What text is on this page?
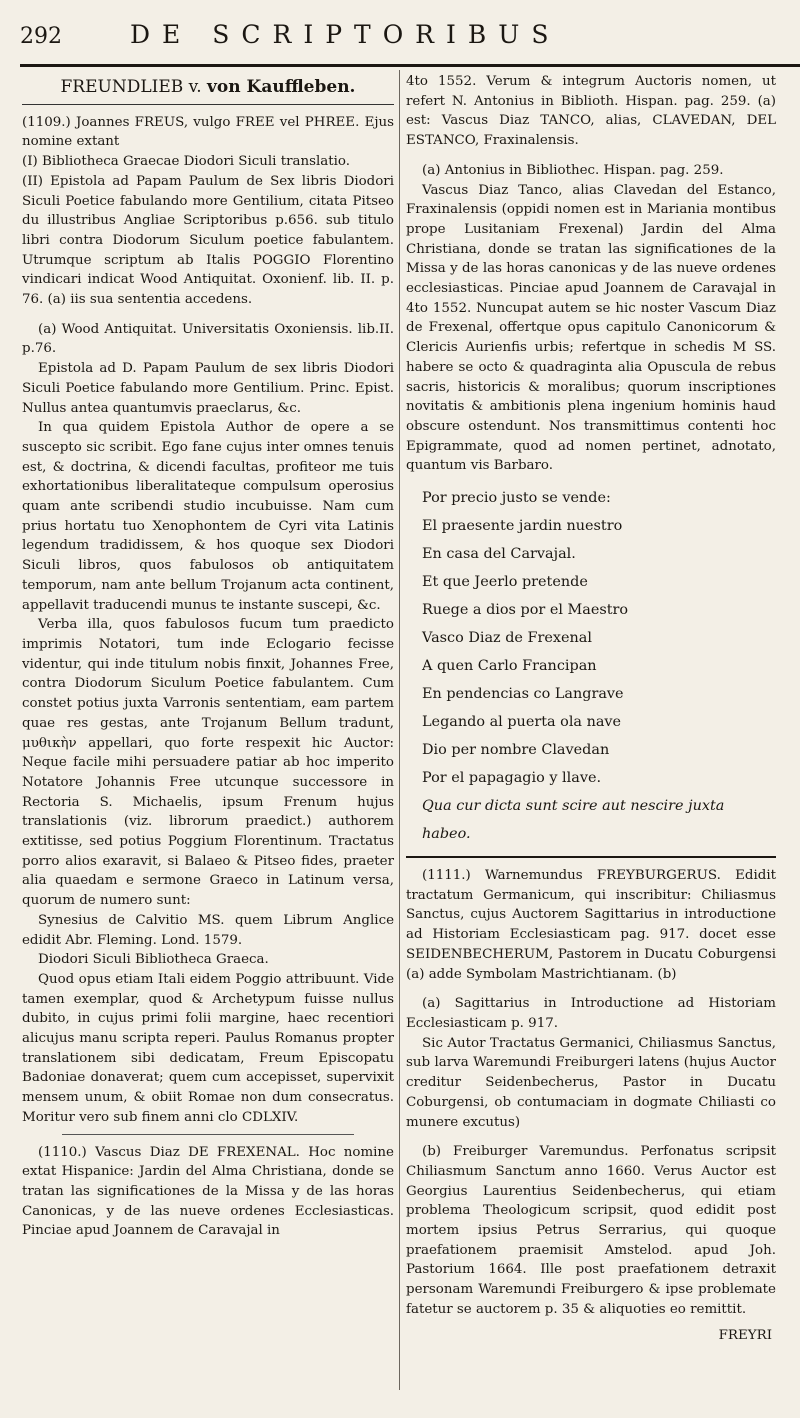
292	DE SCRIPTORIBUS
FREUNDLIEB v. von Kauffleben.

(1109.) Joannes FREUS, vulgo FREE vel PHREE. Ejus nomine extant

(I) Bibliotheca Graecae Diodori Siculi translatio.

(II) Epistola ad Papam Paulum de Sex libris Diodori Siculi Poetice fabulando more Gentilium, citata Pitseo du illustribus Angliae Scriptoribus p.656. sub titulo libri contra Diodorum Siculum poetice fabulantem. Utrumque scriptum ab Italis POGGIO Florentino vindicari indicat Wood Antiquitat. Oxonienf. lib. II. p. 76. (a) iis sua sententia accedens.

(a) Wood Antiquitat. Universitatis Oxoniensis. lib.II. p.76.

Epistola ad D. Papam Paulum de sex libris Diodori Siculi Poetice fabulando more Gentilium. Princ. Epist. Nullus antea quantumvis praeclarus, &c.

In qua quidem Epistola Author de opere a se suscepto sic scribit. Ego fane cujus inter omnes tenuis est, & doctrina, & dicendi facultas, profiteor me tuis exhortationibus liberalitateque compulsum operosius quam ante scribendi studio incubuisse. Nam cum prius hortatu tuo Xenophontem de Cyri vita Latinis legendum tradidissem, & hos quoque sex Diodori Siculi libros, quos fabulosos ob antiquitatem temporum, nam ante bellum Trojanum acta continent, appellavit traducendi munus te instante suscepi, &c.

Verba illa, quos fabulosos fucum tum praedicto imprimis Notatori, tum inde Eclogario fecisse videntur, qui inde titulum nobis finxit, Johannes Free, contra Diodorum Siculum Poetice fabulantem. Cum constet potius juxta Varronis sententiam, eam partem quae res gestas, ante Trojanum Bellum tradunt, μυθικὴν appellari, quo forte respexit hic Auctor: Neque facile mihi persuadere patiar ab hoc imperito Notatore Johannis Free utcunque successore in Rectoria S. Michaelis, ipsum Frenum hujus translationis (viz. librorum praedict.) authorem extitisse, sed potius Poggium Florentinum. Tractatus porro alios exaravit, si Balaeo & Pitseo fides, praeter alia quaedam e sermone Graeco in Latinum versa, quorum de numero sunt:

Synesius de Calvitio MS. quem Librum Anglice edidit Abr. Fleming. Lond. 1579.

Diodori Siculi Bibliotheca Graeca.

Quod opus etiam Itali eidem Poggio attribuunt. Vide tamen exemplar, quod & Archetypum fuisse nullus dubito, in cujus primi folii margine, haec recentiori alicujus manu scripta reperi. Paulus Romanus propter translationem sibi dedicatam, Freum Episcopatu Badoniae donaverat; quem cum accepisset, supervixit mensem unum, & obiit Romae non dum consecratus. Moritur vero sub finem anni clo CDLXIV.

(1110.) Vascus Diaz DE FREXENAL. Hoc nomine extat Hispanice: Jardin del Alma Christiana, donde se tratan las significationes de la Missa y de las horas Canonicas, y de las nueve ordenes Ecclesiasticas. Pinciae apud Joannem de Caravajal in

4to 1552. Verum & integrum Auctoris nomen, ut refert N. Antonius in Biblioth. Hispan. pag. 259. (a) est: Vascus Diaz TANCO, alias, CLAVEDAN, DEL ESTANCO, Fraxinalensis.

(a) Antonius in Bibliothec. Hispan. pag. 259.

Vascus Diaz Tanco, alias Clavedan del Estanco, Fraxinalensis (oppidi nomen est in Mariania montibus prope Lusitaniam Frexenal) Jardin del Alma Christiana, donde se tratan las significationes de la Missa y de las horas canonicas y de las nueve ordenes ecclesiasticas. Pinciae apud Joannem de Caravajal in 4to 1552. Nuncupat autem se hic noster Vascum Diaz de Frexenal, offertque opus capitulo Canonicorum & Clericis Aurienfis urbis; refertque in schedis M SS. habere se octo & quadraginta alia Opuscula de rebus sacris, historicis & moralibus; quorum inscriptiones novitatis & ambitionis plena ingenium hominis haud obscure ostendunt. Nos transmittimus contenti hoc Epigrammate, quod ad nomen pertinet, adnotato, quantum vis Barbaro.

Por precio justo se vende:

El praesente jardin nuestro

En casa del Carvajal.

Et que Jeerlo pretende

Ruege a dios por el Maestro

Vasco Diaz de Frexenal

A quen Carlo Francipan

En pendencias co Langrave

Legando al puerta ola nave

Dio per nombre Clavedan

Por el papagagio y llave.

Qua cur dicta sunt scire aut nescire juxta habeo.

(1111.) Warnemundus FREYBURGERUS. Edidit tractatum Germanicum, qui inscribitur: Chiliasmus Sanctus, cujus Auctorem Sagittarius in introductione ad Historiam Ecclesiasticam pag. 917. docet esse SEIDENBECHERUM, Pastorem in Ducatu Coburgensi (a) adde Symbolam Mastrichtianam. (b)

(a) Sagittarius in Introductione ad Historiam Ecclesiasticam p. 917.

Sic Autor Tractatus Germanici, Chiliasmus Sanctus, sub larva Waremundi Freiburgeri latens (hujus Auctor creditur Seidenbecherus, Pastor in Ducatu Coburgensi, ob contumaciam in dogmate Chiliasti co munere excutus)

(b) Freiburger Varemundus. Perfonatus scripsit Chiliasmum Sanctum anno 1660. Verus Auctor est Georgius Laurentius Seidenbecherus, qui etiam problema Theologicum scripsit, quod edidit post mortem ipsius Petrus Serrarius, qui quoque praefationem praemisit Amstelod. apud Joh. Pastorium 1664. Ille post praefationem detraxit personam Waremundi Freiburgero & ipse problemate fatetur se auctorem p. 35 & aliquoties eo remittit.

FREYRI
